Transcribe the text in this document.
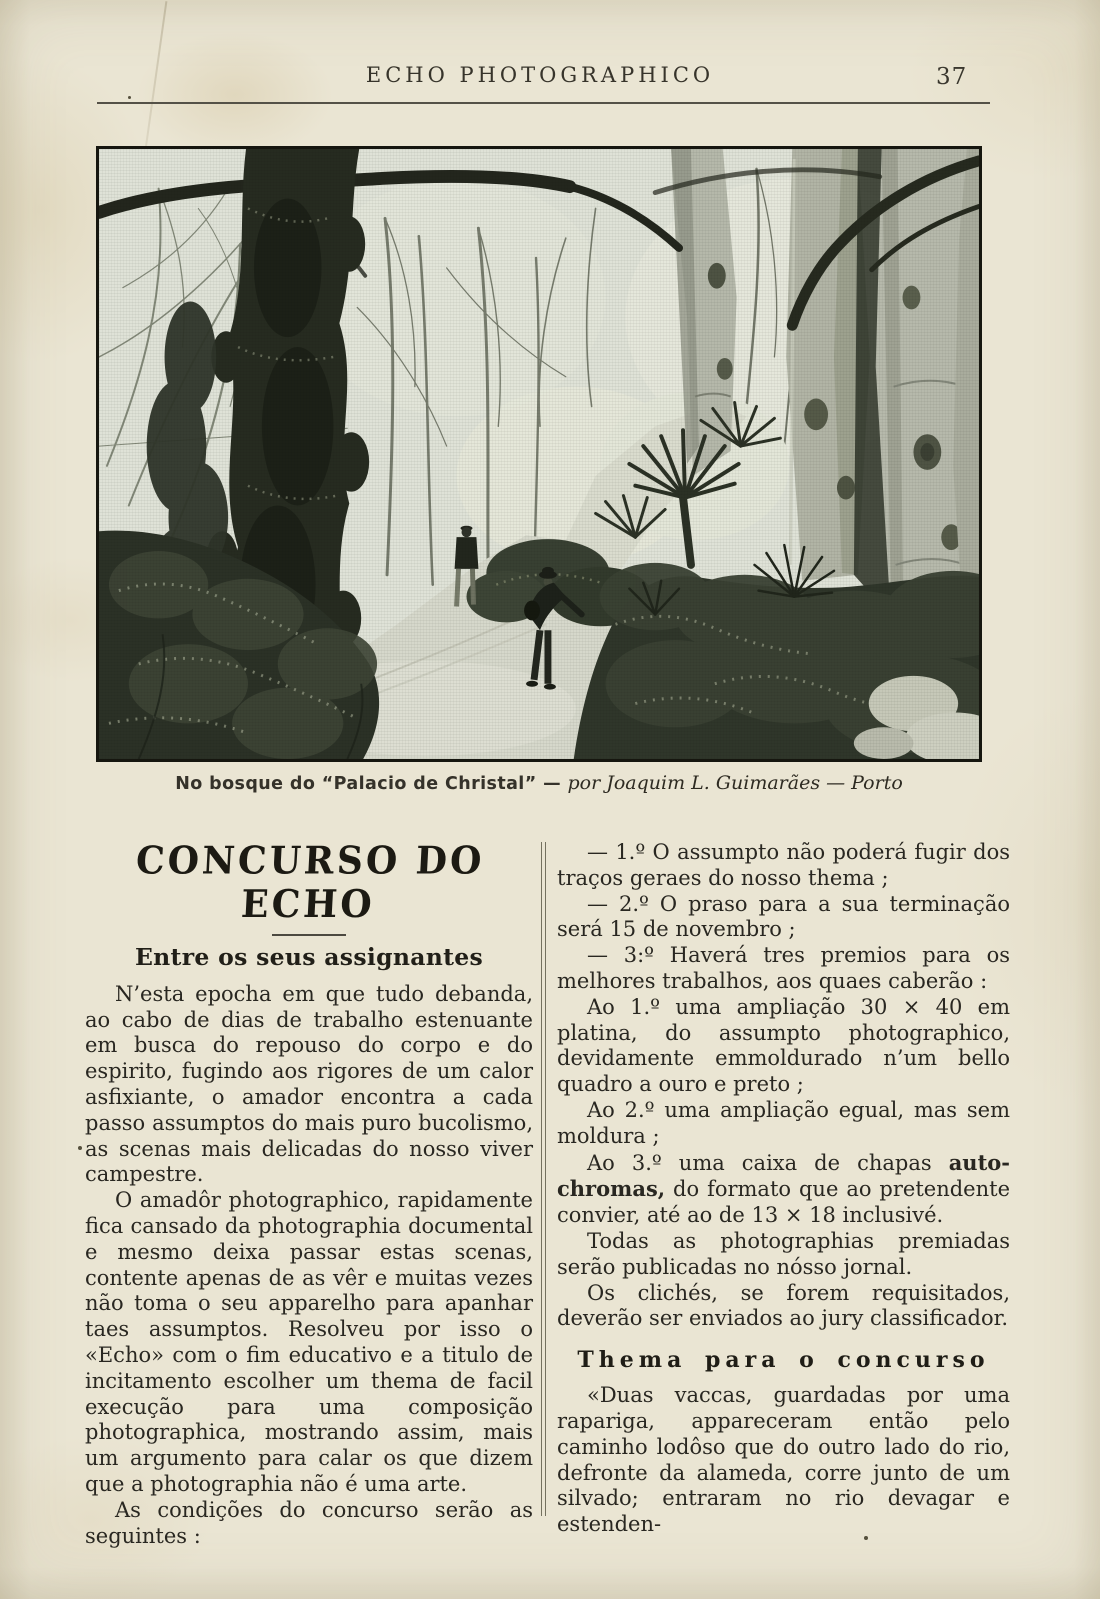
ECHO PHOTOGRAPHICO	37
No bosque do “Palacio de Christal” — por Joaquim L. Guimarães — Porto
CONCURSO DO ECHO
Entre os seus assignantes

N’esta epocha em que tudo debanda, ao cabo de dias de trabalho estenuante em busca do repouso do corpo e do espirito, fugindo aos rigores de um calor asfixiante, o amador encontra a cada passo assumptos do mais puro bucolismo, as scenas mais delicadas do nosso viver campestre.

O amadôr photographico, rapidamente fica cansado da photographia documental e mesmo deixa passar estas scenas, contente apenas de as vêr e muitas vezes não toma o seu apparelho para apanhar taes assumptos. Resolveu por isso o «Echo» com o fim educativo e a titulo de incitamento escolher um thema de facil execução para uma composição photographica, mostrando assim, mais um argumento para calar os que dizem que a photographia não é uma arte.

As condições do concurso serão as seguintes :

— 1.º O assumpto não poderá fugir dos traços geraes do nosso thema ;

— 2.º O praso para a sua terminação será 15 de novembro ;

— 3:º Haverá tres premios para os melhores trabalhos, aos quaes caberão :

Ao 1.º uma ampliação 30 × 40 em platina, do assumpto photographico, devidamente emmoldurado n’um bello quadro a ouro e preto ;

Ao 2.º uma ampliação egual, mas sem moldura ;

Ao 3.º uma caixa de chapas auto-chromas, do formato que ao pretendente convier, até ao de 13 × 18 inclusivé.

Todas as photographias premiadas serão publicadas no nósso jornal.

Os clichés, se forem requisitados, deverão ser enviados ao jury classificador.

Thema para o concurso

«Duas vaccas, guardadas por uma rapariga, appareceram então pelo caminho lodôso que do outro lado do rio, defronte da alameda, corre junto de um silvado; entraram no rio devagar e estenden-
